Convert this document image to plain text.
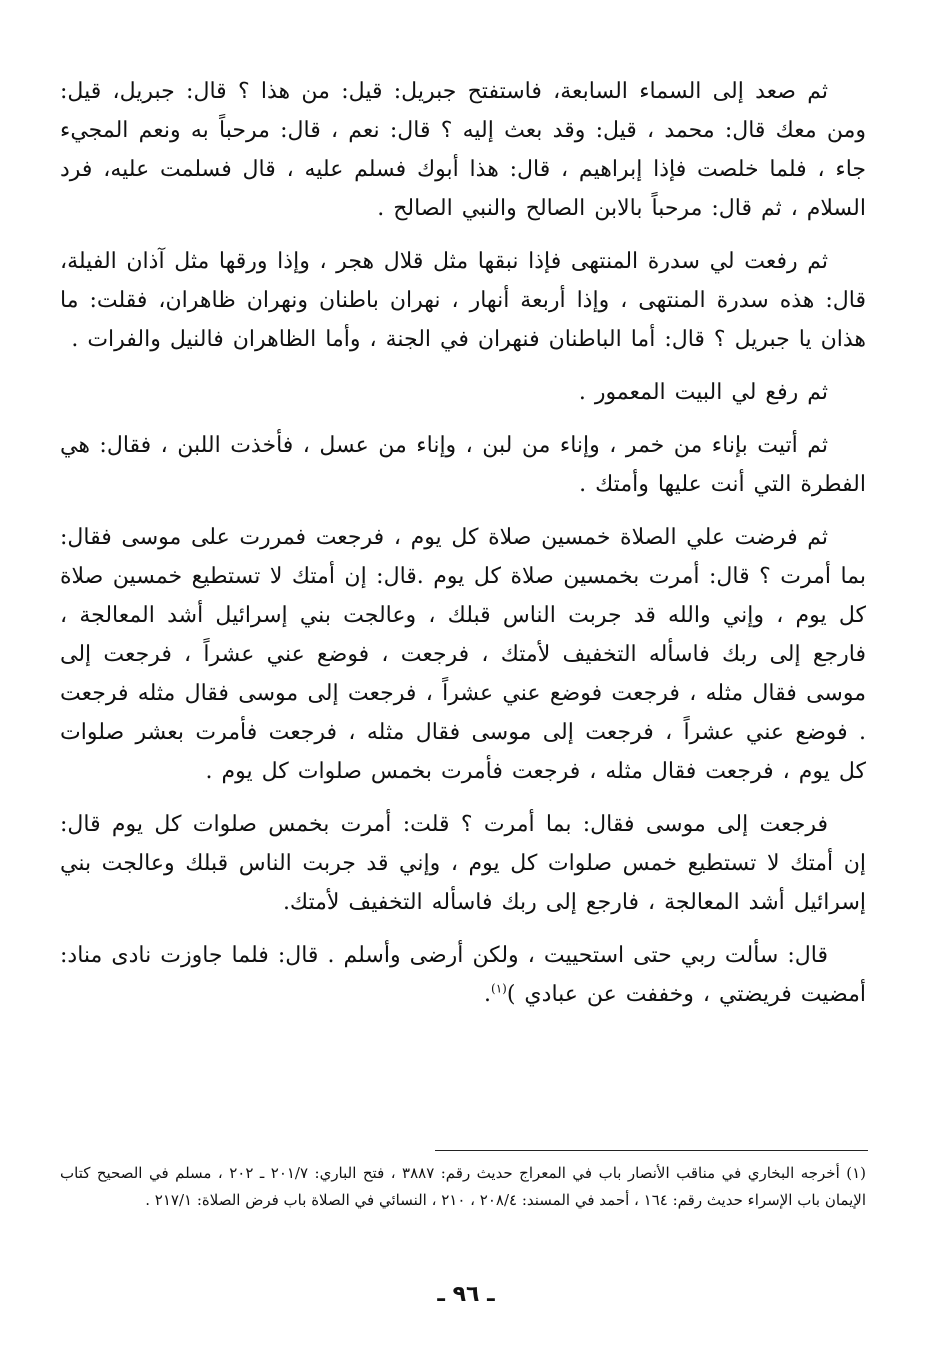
ثم صعد إلى السماء السابعة، فاستفتح جبريل: قيل: من هذا ؟ قال: جبريل، قيل: ومن معك قال: محمد ، قيل: وقد بعث إليه ؟ قال: نعم ، قال: مرحباً به ونعم المجيء جاء ، فلما خلصت فإذا إبراهيم ، قال: هذا أبوك فسلم عليه ، قال فسلمت عليه، فرد السلام ، ثم قال: مرحباً بالابن الصالح والنبي الصالح .

ثم رفعت لي سدرة المنتهى فإذا نبقها مثل قلال هجر ، وإذا ورقها مثل آذان الفيلة، قال: هذه سدرة المنتهى ، وإذا أربعة أنهار ، نهران باطنان ونهران ظاهران، فقلت: ما هذان يا جبريل ؟ قال: أما الباطنان فنهران في الجنة ، وأما الظاهران فالنيل والفرات .

ثم رفع لي البيت المعمور .

ثم أتيت بإناء من خمر ، وإناء من لبن ، وإناء من عسل ، فأخذت اللبن ، فقال: هي الفطرة التي أنت عليها وأمتك .

ثم فرضت علي الصلاة خمسين صلاة كل يوم ، فرجعت فمررت على موسى فقال: بما أمرت ؟ قال: أمرت بخمسين صلاة كل يوم .قال: إن أمتك لا تستطيع خمسين صلاة كل يوم ، وإني والله قد جربت الناس قبلك ، وعالجت بني إسرائيل أشد المعالجة ، فارجع إلى ربك فاسأله التخفيف لأمتك ، فرجعت ، فوضع عني عشراً ، فرجعت إلى موسى فقال مثله ، فرجعت فوضع عني عشراً ، فرجعت إلى موسى فقال مثله فرجعت . فوضع عني عشراً ، فرجعت إلى موسى فقال مثله ، فرجعت فأمرت بعشر صلوات كل يوم ، فرجعت فقال مثله ، فرجعت فأمرت بخمس صلوات كل يوم .

فرجعت إلى موسى فقال: بما أمرت ؟ قلت: أمرت بخمس صلوات كل يوم قال: إن أمتك لا تستطيع خمس صلوات كل يوم ، وإني قد جربت الناس قبلك وعالجت بني إسرائيل أشد المعالجة ، فارجع إلى ربك فاسأله التخفيف لأمتك.

قال: سألت ربي حتى استحييت ، ولكن أرضى وأسلم . قال: فلما جاوزت نادى مناد: أمضيت فريضتي ، وخففت عن عبادي )$^{(١)}$.

(١) أخرجه البخاري في مناقب الأنصار باب في المعراج حديث رقم: ٣٨٨٧ ، فتح الباري: ٢٠١/٧ ـ ٢٠٢ ، مسلم في الصحيح كتاب الإيمان باب الإسراء حديث رقم: ١٦٤ ، أحمد في المسند: ٢٠٨/٤ ، ٢١٠ ، النسائي في الصلاة باب فرض الصلاة: ٢١٧/١ .

ـ ٩٦ ـ
